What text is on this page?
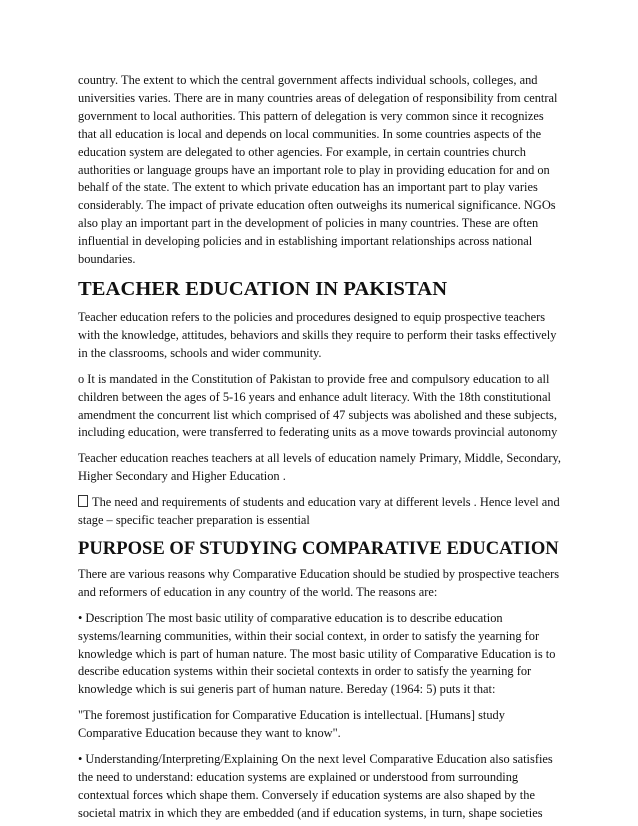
country. The extent to which the central government affects individual schools, colleges, and universities varies. There are in many countries areas of delegation of responsibility from central government to local authorities. This pattern of delegation is very common since it recognizes that all education is local and depends on local communities. In some countries aspects of the education system are delegated to other agencies. For example, in certain countries church authorities or language groups have an important role to play in providing education for and on behalf of the state. The extent to which private education has an important part to play varies considerably. The impact of private education often outweighs its numerical significance. NGOs also play an important part in the development of policies in many countries. These are often influential in developing policies and in establishing important relationships across national boundaries.

TEACHER EDUCATION IN PAKISTAN

Teacher education refers to the policies and procedures designed to equip prospective teachers with the knowledge, attitudes, behaviors and skills they require to perform their tasks effectively in the classrooms, schools and wider community.

o It is mandated in the Constitution of Pakistan to provide free and compulsory education to all children between the ages of 5-16 years and enhance adult literacy. With the 18th constitutional amendment the concurrent list which comprised of 47 subjects was abolished and these subjects, including education, were transferred to federating units as a move towards provincial autonomy

Teacher education reaches teachers at all levels of education namely Primary, Middle, Secondary, Higher Secondary and Higher Education .

The need and requirements of students and education vary at different levels . Hence level and stage – specific teacher preparation is essential

PURPOSE OF STUDYING COMPARATIVE EDUCATION

There are various reasons why Comparative Education should be studied by prospective teachers and reformers of education in any country of the world. The reasons are:

• Description The most basic utility of comparative education is to describe education systems/learning communities, within their social context, in order to satisfy the yearning for knowledge which is part of human nature. The most basic utility of Comparative Education is to describe education systems within their societal contexts in order to satisfy the yearning for knowledge which is sui generis part of human nature. Bereday (1964: 5) puts it that:

"The foremost justification for Comparative Education is intellectual. [Humans] study Comparative Education because they want to know".

• Understanding/Interpreting/Explaining On the next level Comparative Education also satisfies the need to understand: education systems are explained or understood from surrounding contextual forces which shape them. Conversely if education systems are also shaped by the societal matrix in which they are embedded (and if education systems, in turn, shape societies
